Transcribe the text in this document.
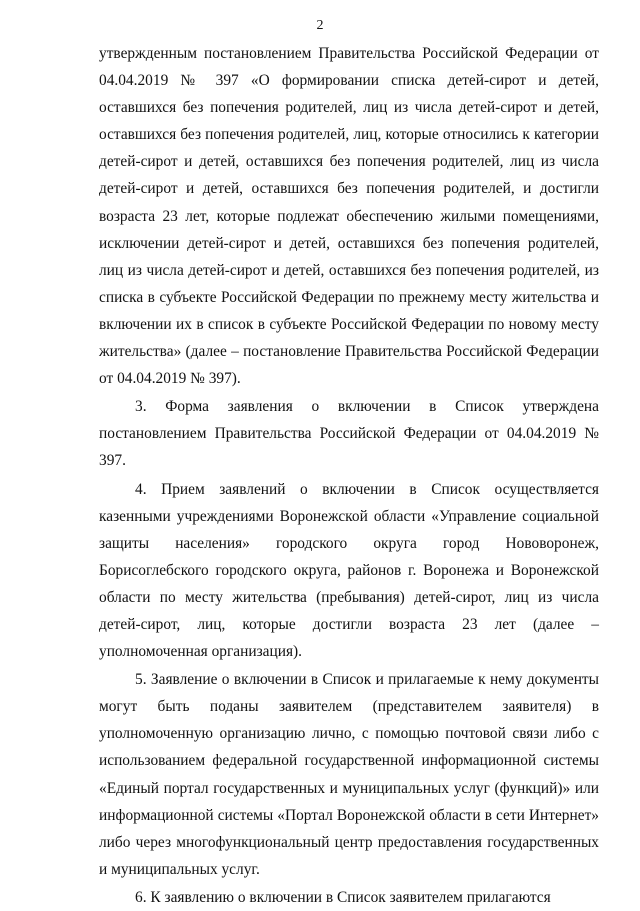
2

утвержденным постановлением Правительства Российской Федерации от 04.04.2019 № 397 «О формировании списка детей-сирот и детей, оставшихся без попечения родителей, лиц из числа детей-сирот и детей, оставшихся без попечения родителей, лиц, которые относились к категории детей-сирот и детей, оставшихся без попечения родителей, лиц из числа детей-сирот и детей, оставшихся без попечения родителей, и достигли возраста 23 лет, которые подлежат обеспечению жилыми помещениями, исключении детей-сирот и детей, оставшихся без попечения родителей, лиц из числа детей-сирот и детей, оставшихся без попечения родителей, из списка в субъекте Российской Федерации по прежнему месту жительства и включении их в список в субъекте Российской Федерации по новому месту жительства» (далее – постановление Правительства Российской Федерации от 04.04.2019 № 397).

3. Форма заявления о включении в Список утверждена постановлением Правительства Российской Федерации от 04.04.2019 № 397.

4. Прием заявлений о включении в Список осуществляется казенными учреждениями Воронежской области «Управление социальной защиты населения» городского округа город Нововоронеж, Борисоглебского городского округа, районов г. Воронежа и Воронежской области по месту жительства (пребывания) детей-сирот, лиц из числа детей-сирот, лиц, которые достигли возраста 23 лет (далее – уполномоченная организация).

5. Заявление о включении в Список и прилагаемые к нему документы могут быть поданы заявителем (представителем заявителя) в уполномоченную организацию лично, с помощью почтовой связи либо с использованием федеральной государственной информационной системы «Единый портал государственных и муниципальных услуг (функций)» или информационной системы «Портал Воронежской области в сети Интернет» либо через многофункциональный центр предоставления государственных и муниципальных услуг.

6. К заявлению о включении в Список заявителем прилагаются
